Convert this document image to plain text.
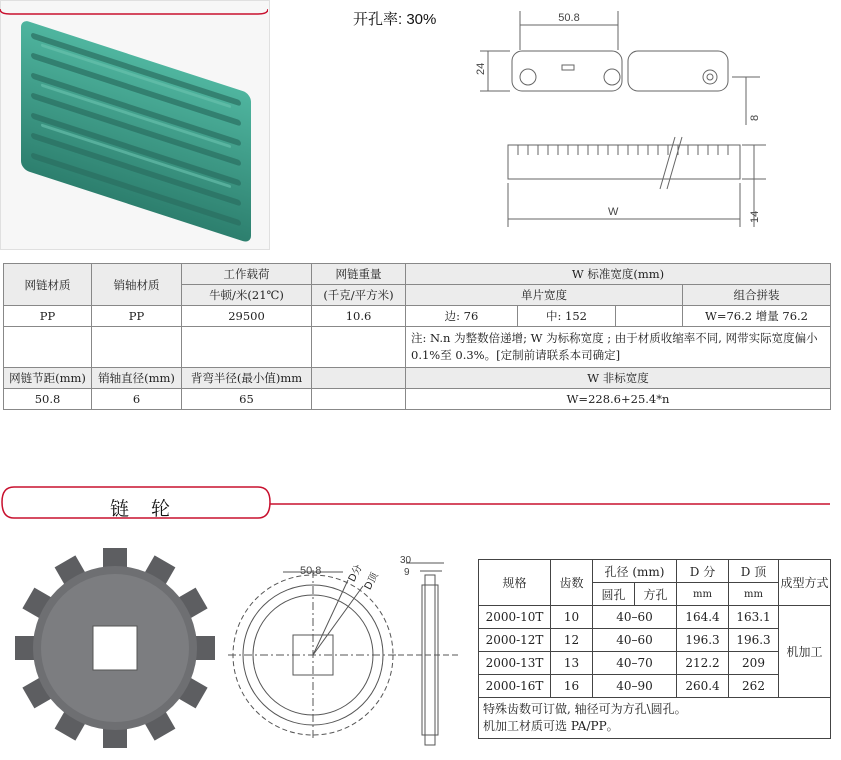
开孔率: 30%	50.8
24
8
14
W
网链材质	销轴材质	工作载荷	网链重量	W 标准宽度(mm)			
		牛顿/米(21℃)	(千克/平方米)	单片宽度			组合拼装
PP	PP	29500	10.6	边: 76	中: 152		W=76.2 增量 76.2
				注: N.n 为整数倍递增; W 为标称宽度 ; 由于材质收缩率不同, 网带实际宽度偏小 0.1%至 0.3%。[定制前请联系本司确定]			
网链节距(mm)	销轴直径(mm)	背弯半径(最小值)mm		W 非标宽度			
50.8	6	65		W=228.6+25.4*n			
链 轮
50.8	D分
D顶
30
9
规格	齿数	孔径 (mm)		D 分	D 顶	成型方式
		圆孔	方孔	mm	mm	
2000-10T	10	40–60		164.4	163.1	机加工
2000-12T	12	40–60		196.3	196.3	
2000-13T	13	40–70		212.2	209	
2000-16T	16	40–90		260.4	262	
特殊齿数可订做, 轴径可为方孔\圆孔。
机加工材质可选 PA/PP。						
